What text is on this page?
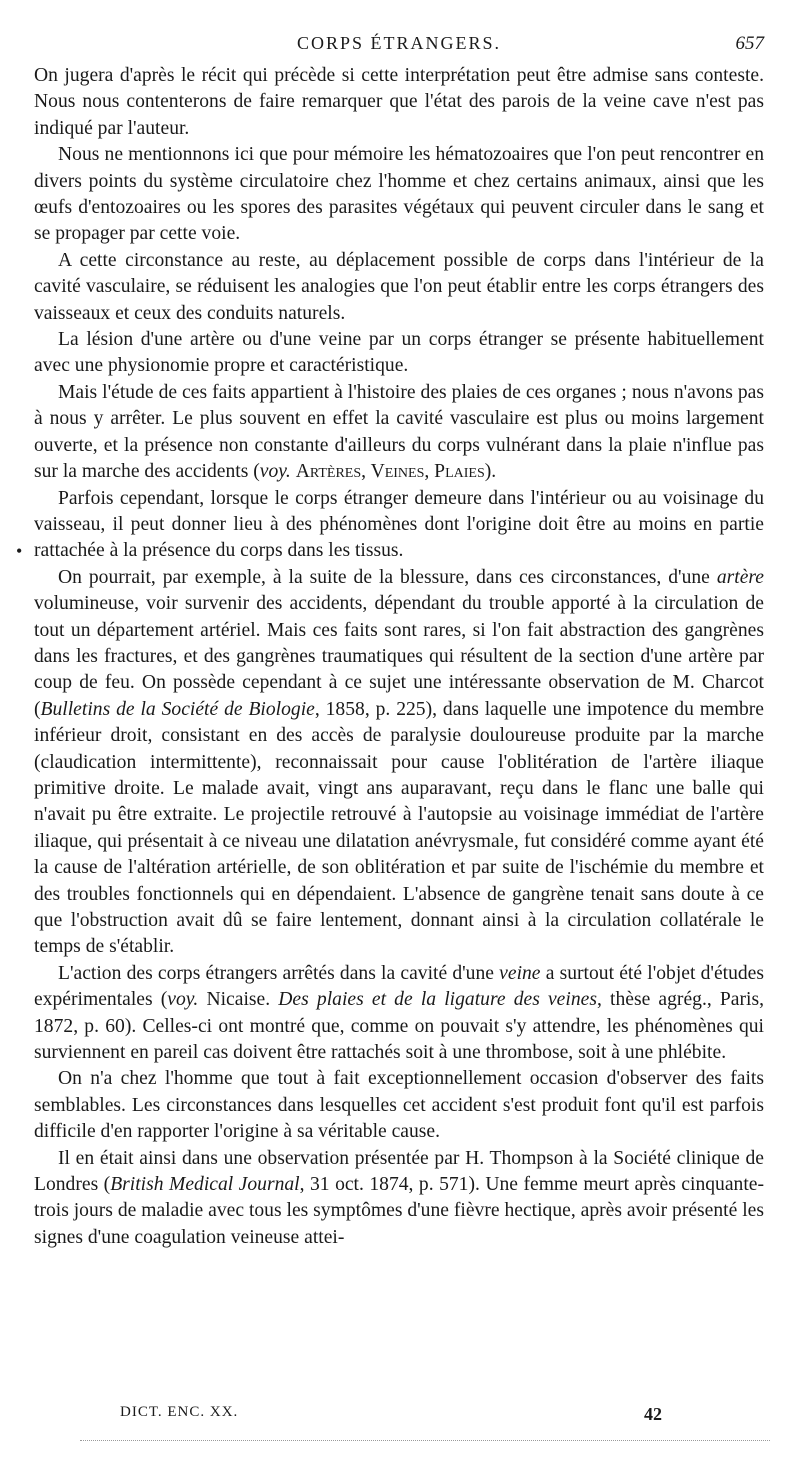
CORPS ÉTRANGERS.	657
•

On jugera d'après le récit qui précède si cette interprétation peut être admise sans conteste. Nous nous contenterons de faire remarquer que l'état des parois de la veine cave n'est pas indiqué par l'auteur.

Nous ne mentionnons ici que pour mémoire les hématozoaires que l'on peut rencontrer en divers points du système circulatoire chez l'homme et chez certains animaux, ainsi que les œufs d'entozoaires ou les spores des parasites végétaux qui peuvent circuler dans le sang et se propager par cette voie.

A cette circonstance au reste, au déplacement possible de corps dans l'intérieur de la cavité vasculaire, se réduisent les analogies que l'on peut établir entre les corps étrangers des vaisseaux et ceux des conduits naturels.

La lésion d'une artère ou d'une veine par un corps étranger se présente habituellement avec une physionomie propre et caractéristique.

Mais l'étude de ces faits appartient à l'histoire des plaies de ces organes ; nous n'avons pas à nous y arrêter. Le plus souvent en effet la cavité vasculaire est plus ou moins largement ouverte, et la présence non constante d'ailleurs du corps vulnérant dans la plaie n'influe pas sur la marche des accidents (voy. Artères, Veines, Plaies).

Parfois cependant, lorsque le corps étranger demeure dans l'intérieur ou au voisinage du vaisseau, il peut donner lieu à des phénomènes dont l'origine doit être au moins en partie rattachée à la présence du corps dans les tissus.

On pourrait, par exemple, à la suite de la blessure, dans ces circonstances, d'une artère volumineuse, voir survenir des accidents, dépendant du trouble apporté à la circulation de tout un département artériel. Mais ces faits sont rares, si l'on fait abstraction des gangrènes dans les fractures, et des gangrènes traumatiques qui résultent de la section d'une artère par coup de feu. On possède cependant à ce sujet une intéressante observation de M. Charcot (Bulletins de la Société de Biologie, 1858, p. 225), dans laquelle une impotence du membre inférieur droit, consistant en des accès de paralysie douloureuse produite par la marche (claudication intermittente), reconnaissait pour cause l'oblitération de l'artère iliaque primitive droite. Le malade avait, vingt ans auparavant, reçu dans le flanc une balle qui n'avait pu être extraite. Le projectile retrouvé à l'autopsie au voisinage immédiat de l'artère iliaque, qui présentait à ce niveau une dilatation anévrysmale, fut considéré comme ayant été la cause de l'altération artérielle, de son oblitération et par suite de l'ischémie du membre et des troubles fonctionnels qui en dépendaient. L'absence de gangrène tenait sans doute à ce que l'obstruction avait dû se faire lentement, donnant ainsi à la circulation collatérale le temps de s'établir.

L'action des corps étrangers arrêtés dans la cavité d'une veine a surtout été l'objet d'études expérimentales (voy. Nicaise. Des plaies et de la ligature des veines, thèse agrég., Paris, 1872, p. 60). Celles-ci ont montré que, comme on pouvait s'y attendre, les phénomènes qui surviennent en pareil cas doivent être rattachés soit à une thrombose, soit à une phlébite.

On n'a chez l'homme que tout à fait exceptionnellement occasion d'observer des faits semblables. Les circonstances dans lesquelles cet accident s'est produit font qu'il est parfois difficile d'en rapporter l'origine à sa véritable cause.

Il en était ainsi dans une observation présentée par H. Thompson à la Société clinique de Londres (British Medical Journal, 31 oct. 1874, p. 571). Une femme meurt après cinquante-trois jours de maladie avec tous les symptômes d'une fièvre hectique, après avoir présenté les signes d'une coagulation veineuse attei-

DICT. ENC. XX.	42
